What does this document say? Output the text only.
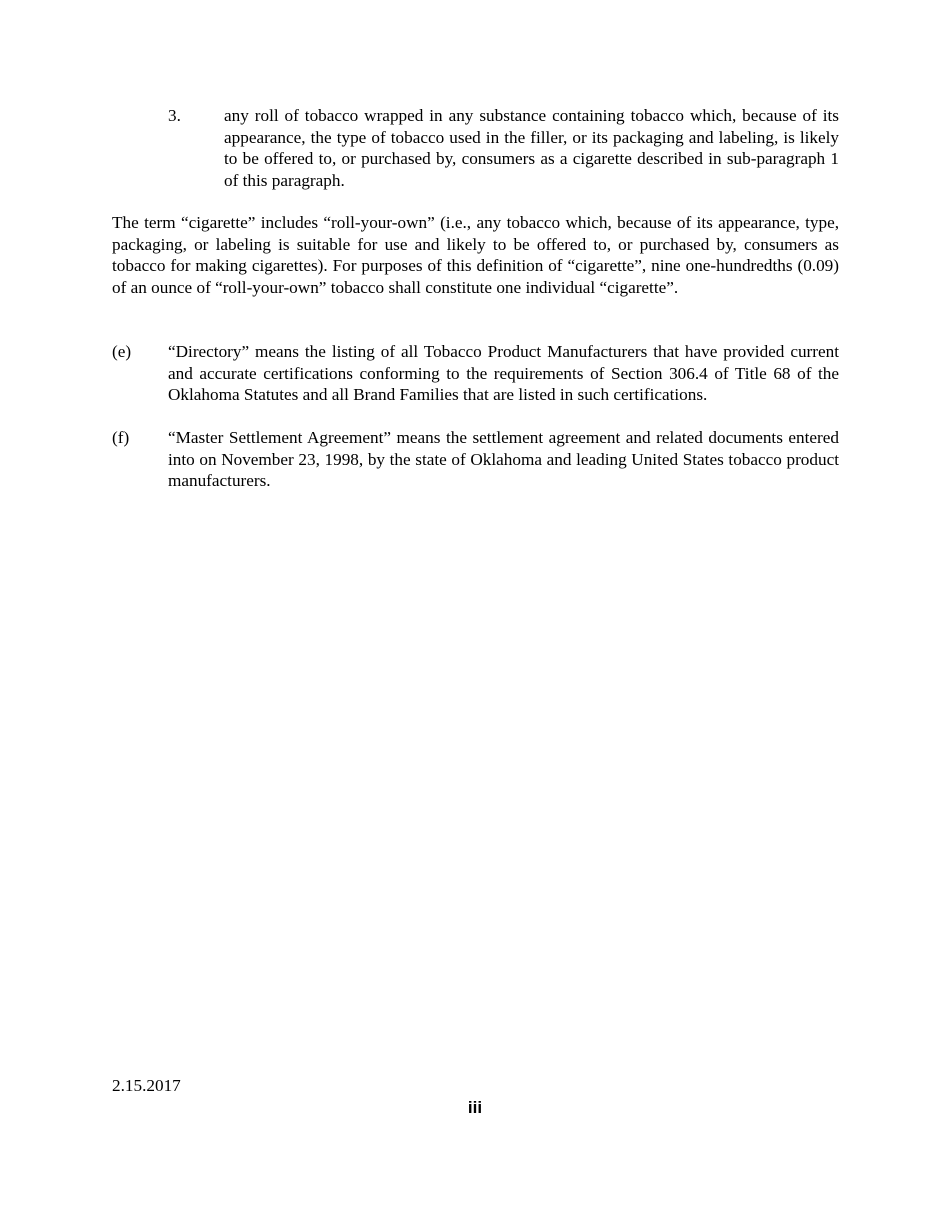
3.	any roll of tobacco wrapped in any substance containing tobacco which, because of its appearance, the type of tobacco used in the filler, or its packaging and labeling, is likely to be offered to, or purchased by, consumers as a cigarette described in sub-paragraph 1 of this paragraph.
The term “cigarette” includes “roll-your-own” (i.e., any tobacco which, because of its appearance, type, packaging, or labeling is suitable for use and likely to be offered to, or purchased by, consumers as tobacco for making cigarettes). For purposes of this definition of “cigarette”, nine one-hundredths (0.09) of an ounce of “roll-your-own” tobacco shall constitute one individual “cigarette”.
(e) “Directory” means the listing of all Tobacco Product Manufacturers that have provided current and accurate certifications conforming to the requirements of Section 306.4 of Title 68 of the Oklahoma Statutes and all Brand Families that are listed in such certifications.
(f) “Master Settlement Agreement” means the settlement agreement and related documents entered into on November 23, 1998, by the state of Oklahoma and leading United States tobacco product manufacturers.
2.15.2017
iii
